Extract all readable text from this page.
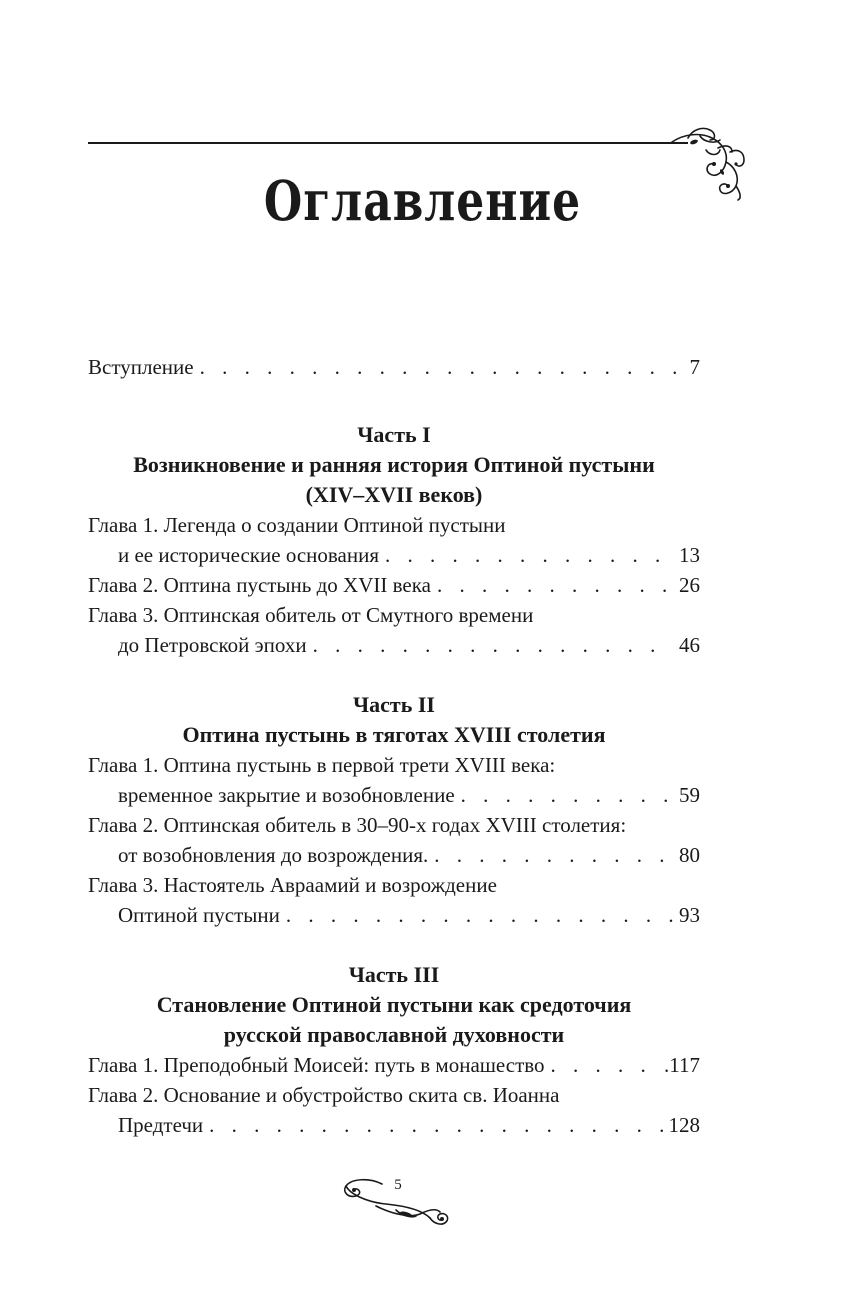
Оглавление
Вступление . . .	7
Часть I
Возникновение и ранняя история Оптиной пустыни
(XIV–XVII веков)
Глава 1. Легенда о создании Оптиной пустыни
и ее исторические основания . . .	13
Глава 2. Оптина пустынь до XVII века . . .	26
Глава 3. Оптинская обитель от Смутного времени
до Петровской эпохи . . .	46
Часть II
Оптина пустынь в тяготах XVIII столетия
Глава 1. Оптина пустынь в первой трети XVIII века:
временное закрытие и возобновление . . .	59
Глава 2. Оптинская обитель в 30–90-х годах XVIII столетия:
от возобновления до возрождения. . . .	80
Глава 3. Настоятель Авраамий и возрождение
Оптиной пустыни . . .	93
Часть III
Становление Оптиной пустыни как средоточия
русской православной духовности
Глава 1. Преподобный Моисей: путь в монашество . . .	.117
Глава 2. Основание и обустройство скита св. Иоанна
Предтечи . . .	128
5
